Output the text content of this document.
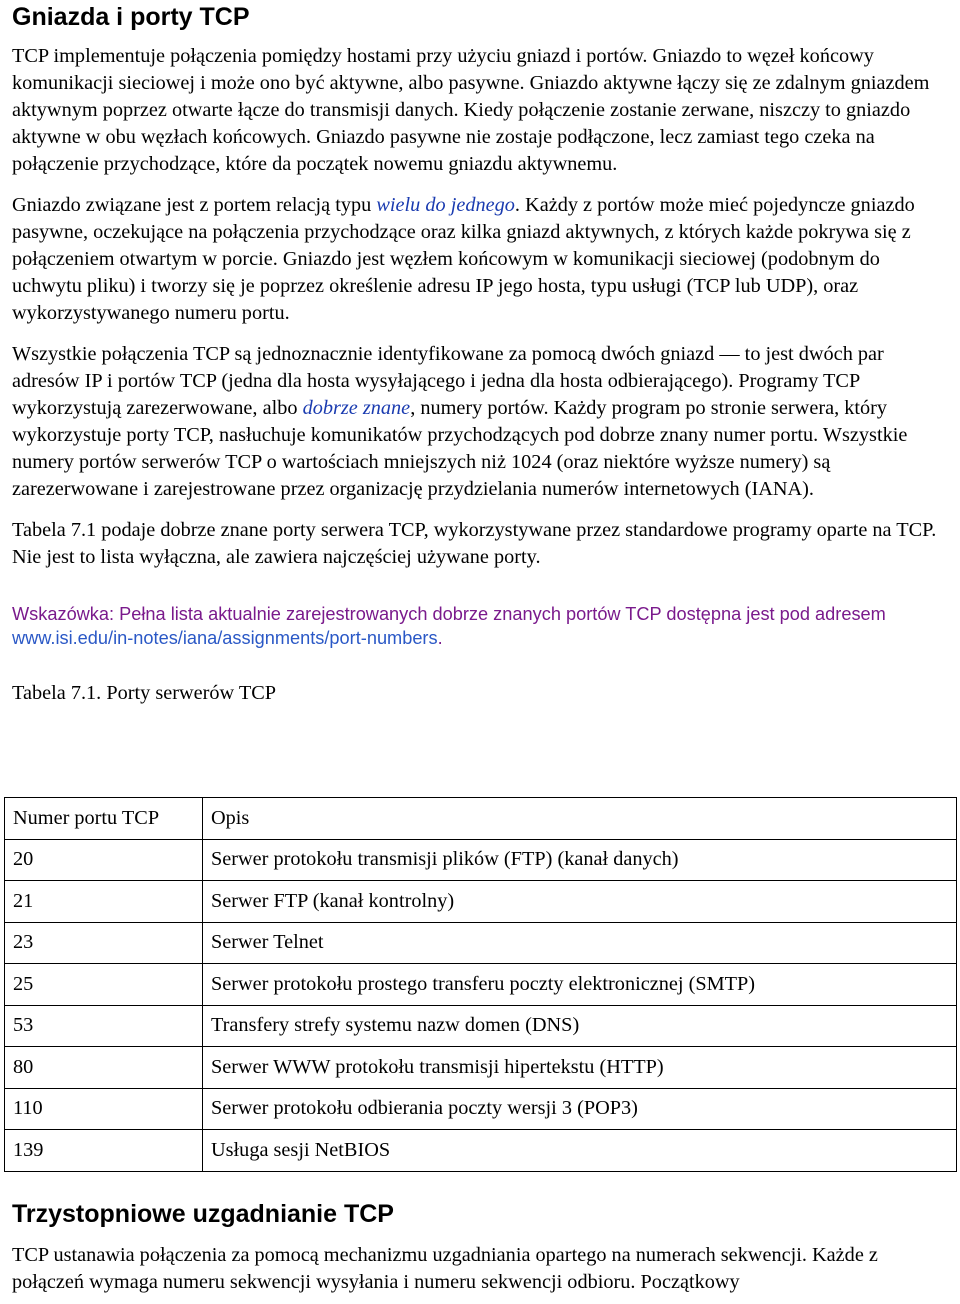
Gniazda i porty TCP

TCP implementuje połączenia pomiędzy hostami przy użyciu gniazd i portów. Gniazdo to węzeł końcowy komunikacji sieciowej i może ono być aktywne, albo pasywne. Gniazdo aktywne łączy się ze zdalnym gniazdem aktywnym poprzez otwarte łącze do transmisji danych. Kiedy połączenie zostanie zerwane, niszczy to gniazdo aktywne w obu węzłach końcowych. Gniazdo pasywne nie zostaje podłączone, lecz zamiast tego czeka na połączenie przychodzące, które da początek nowemu gniazdu aktywnemu.

Gniazdo związane jest z portem relacją typu wielu do jednego. Każdy z portów może mieć pojedyncze gniazdo pasywne, oczekujące na połączenia przychodzące oraz kilka gniazd aktywnych, z których każde pokrywa się z połączeniem otwartym w porcie. Gniazdo jest węzłem końcowym w komunikacji sieciowej (podobnym do uchwytu pliku) i tworzy się je poprzez określenie adresu IP jego hosta, typu usługi (TCP lub UDP), oraz wykorzystywanego numeru portu.

Wszystkie połączenia TCP są jednoznacznie identyfikowane za pomocą dwóch gniazd — to jest dwóch par adresów IP i portów TCP (jedna dla hosta wysyłającego i jedna dla hosta odbierającego). Programy TCP wykorzystują zarezerwowane, albo dobrze znane, numery portów. Każdy program po stronie serwera, który wykorzystuje porty TCP, nasłuchuje komunikatów przychodzących pod dobrze znany numer portu. Wszystkie numery portów serwerów TCP o wartościach mniejszych niż 1024 (oraz niektóre wyższe numery) są zarezerwowane i zarejestrowane przez organizację przydzielania numerów internetowych (IANA).

Tabela 7.1 podaje dobrze znane porty serwera TCP, wykorzystywane przez standardowe programy oparte na TCP. Nie jest to lista wyłączna, ale zawiera najczęściej używane porty.

Wskazówka: Pełna lista aktualnie zarejestrowanych dobrze znanych portów TCP dostępna jest pod adresem www.isi.edu/in-notes/iana/assignments/port-numbers.

Tabela 7.1. Porty serwerów TCP
Numer portu TCP	Opis
20	Serwer protokołu transmisji plików (FTP) (kanał danych)
21	Serwer FTP (kanał kontrolny)
23	Serwer Telnet
25	Serwer protokołu prostego transferu poczty elektronicznej (SMTP)
53	Transfery strefy systemu nazw domen (DNS)
80	Serwer WWW protokołu transmisji hipertekstu (HTTP)
110	Serwer protokołu odbierania poczty wersji 3 (POP3)
139	Usługa sesji NetBIOS
Trzystopniowe uzgadnianie TCP

TCP ustanawia połączenia za pomocą mechanizmu uzgadniania opartego na numerach sekwencji. Każde z połączeń wymaga numeru sekwencji wysyłania i numeru sekwencji odbioru. Początkowy
